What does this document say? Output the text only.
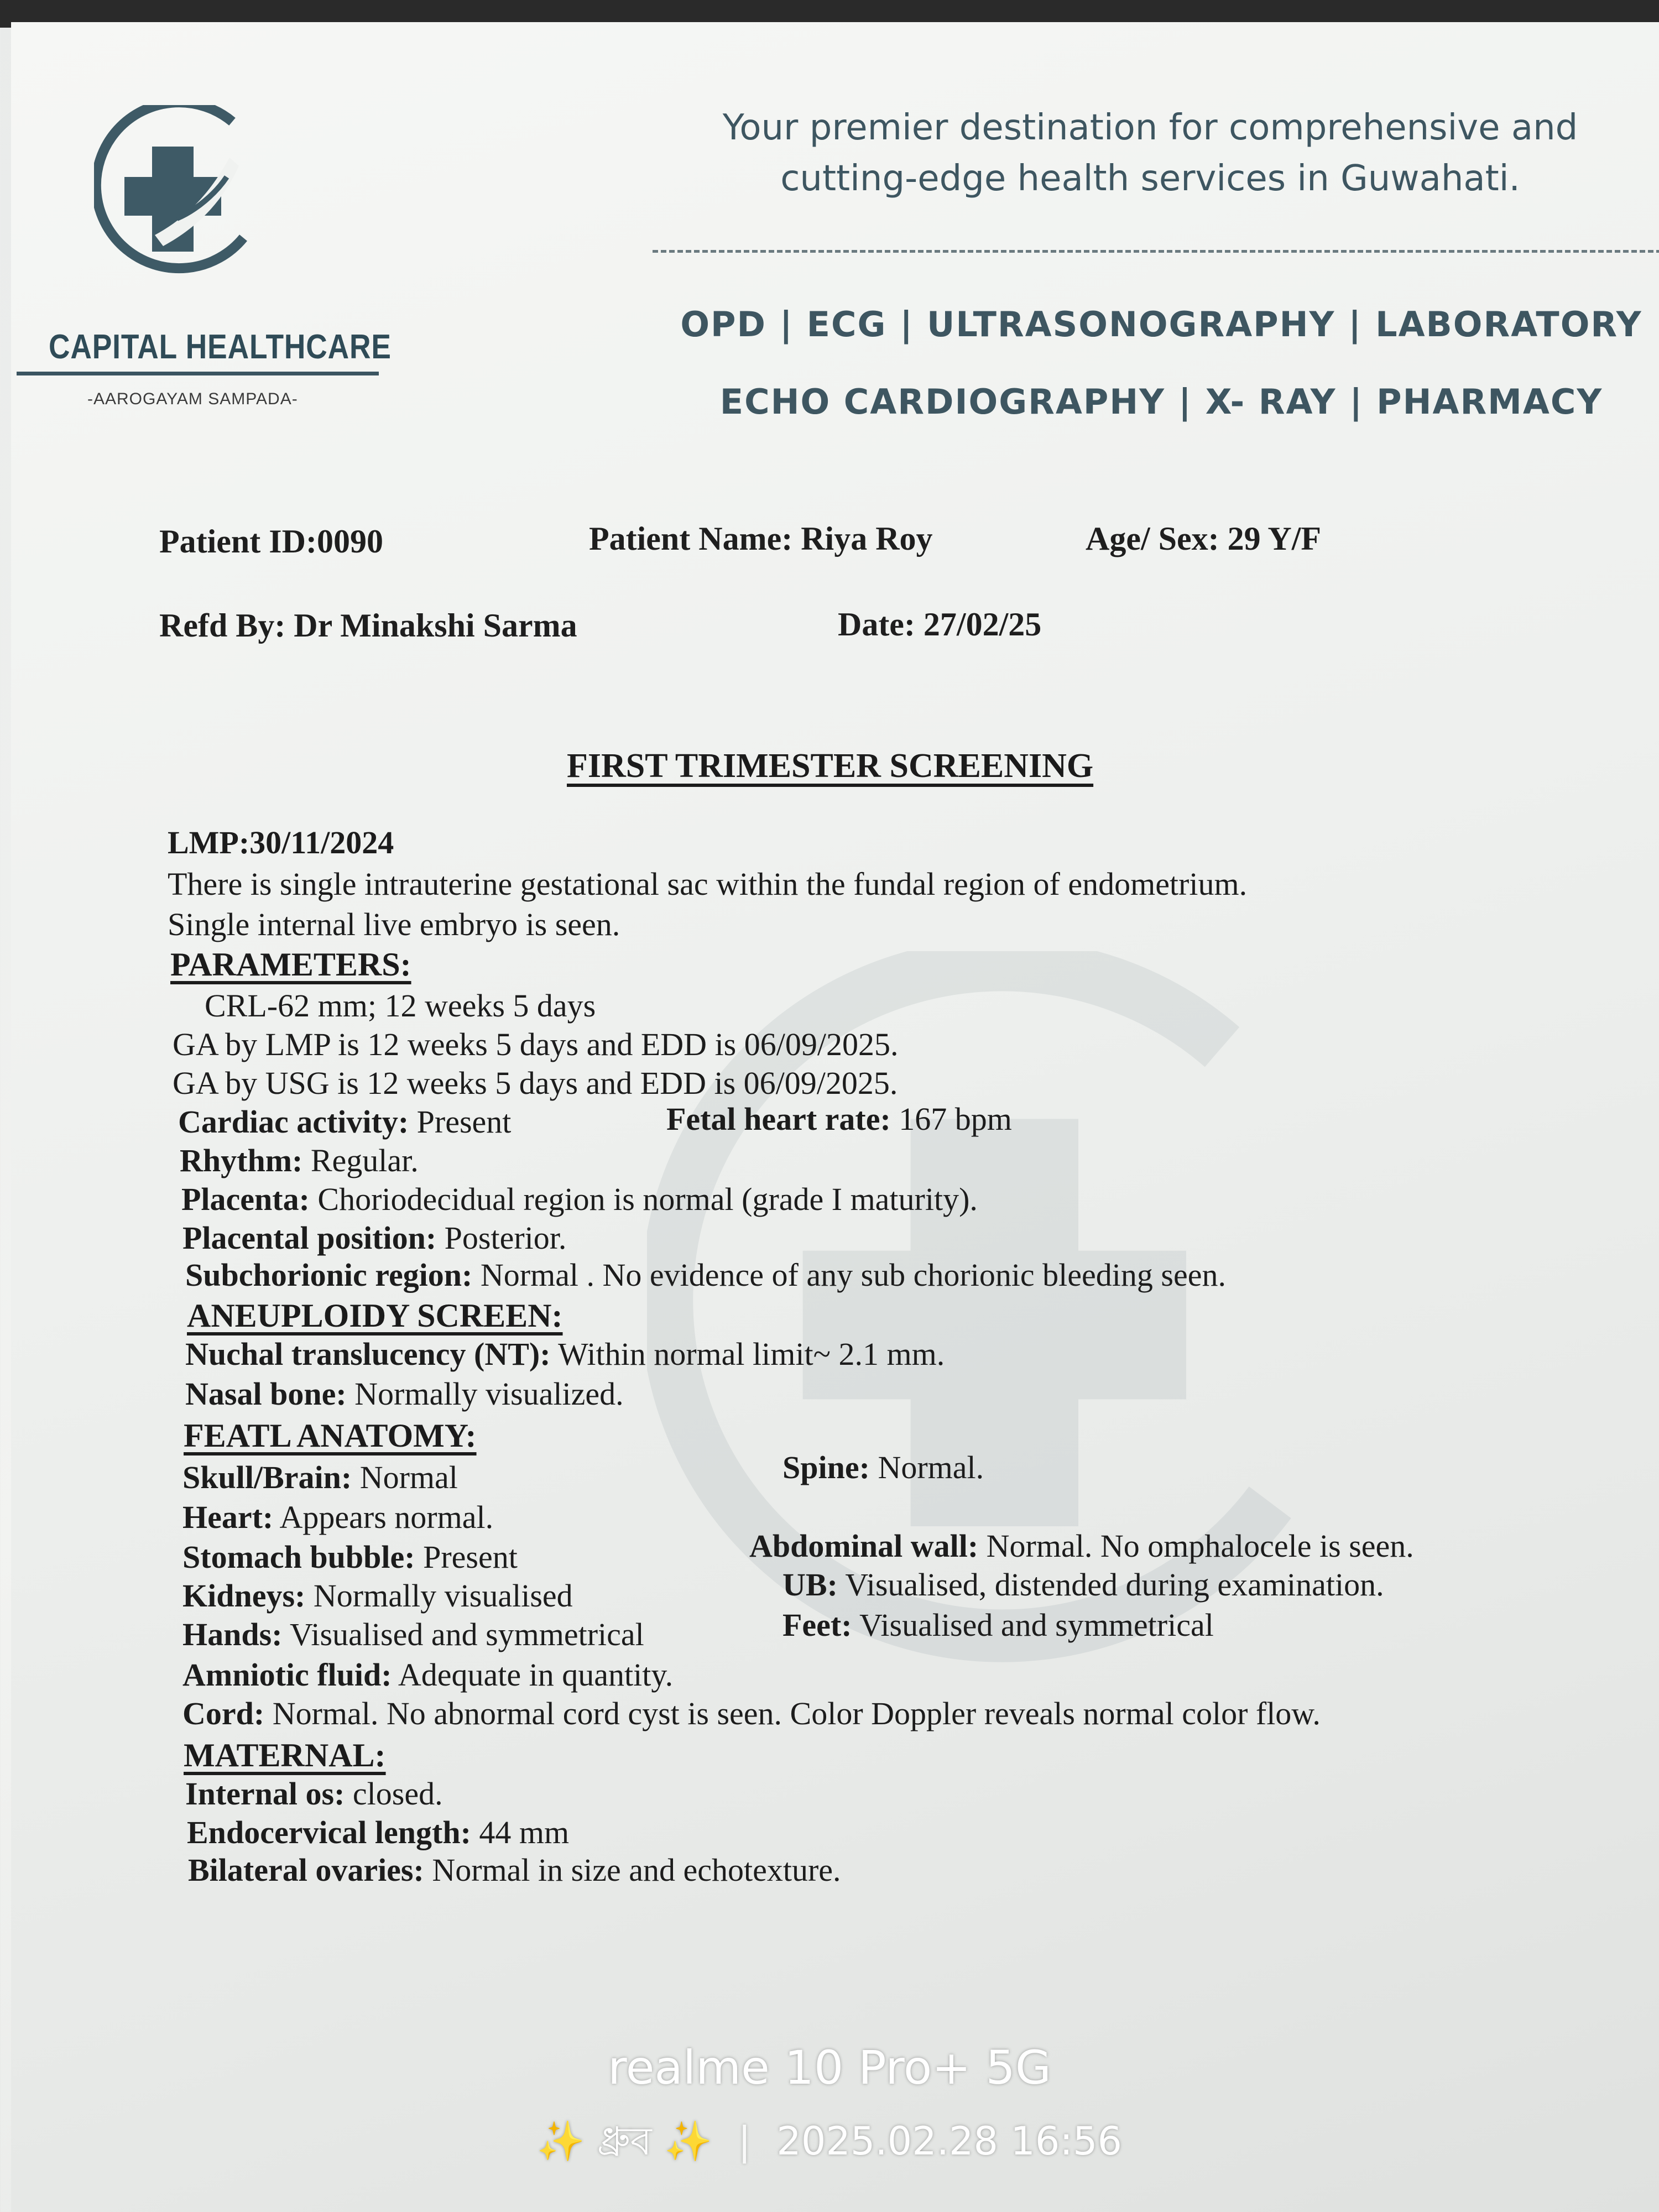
CAPITAL HEALTHCARE
-AAROGAYAM SAMPADA-
Your premier destination for comprehensive and
cutting-edge health services in Guwahati.
OPD | ECG | ULTRASONOGRAPHY | LABORATORY
ECHO CARDIOGRAPHY | X- RAY | PHARMACY
Patient ID:0090	Patient Name: Riya Roy	Age/ Sex: 29 Y/F
Refd By: Dr Minakshi Sarma	Date: 27/02/25
FIRST TRIMESTER SCREENING
LMP:30/11/2024
There is single intrauterine gestational sac within the fundal region of endometrium.
Single internal live embryo is seen.
PARAMETERS:
CRL-62 mm; 12 weeks 5 days
GA by LMP is 12 weeks 5 days and EDD is 06/09/2025.
GA by USG is 12 weeks 5 days and EDD is 06/09/2025.
Cardiac activity: Present	Fetal heart rate: 167 bpm
Rhythm: Regular.
Placenta: Choriodecidual region is normal (grade I maturity).
Placental position: Posterior.
Subchorionic region: Normal . No evidence of any sub chorionic bleeding seen.
ANEUPLOIDY SCREEN:
Nuchal translucency (NT): Within normal limit~ 2.1 mm.
Nasal bone: Normally visualized.
FEATL ANATOMY:
Skull/Brain: Normal	Spine: Normal.
Heart: Appears normal.
Stomach bubble: Present	Abdominal wall: Normal. No omphalocele is seen.
Kidneys: Normally visualised	UB: Visualised, distended during examination.
Hands: Visualised and symmetrical	Feet: Visualised and symmetrical
Amniotic fluid: Adequate in quantity.
Cord: Normal. No abnormal cord cyst is seen. Color Doppler reveals normal color flow.
MATERNAL:
Internal os: closed.
Endocervical length: 44 mm
Bilateral ovaries: Normal in size and echotexture.
realme 10 Pro+ 5G
✨ ধ্রুব ✨ | 2025.02.28 16:56
